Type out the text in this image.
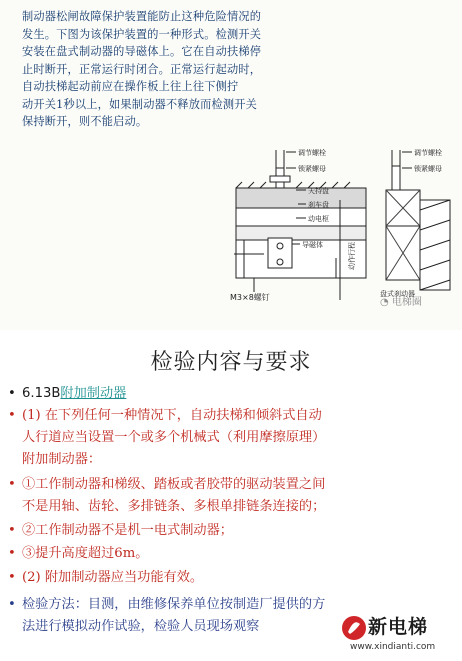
制动器松闸故障保护装置能防止这种危险情况的

发生。下图为该保护装置的一种形式。检测开关

安装在盘式制动器的导磁体上。它在自动扶梯停

止时断开，正常运行时闭合。正常运行起动时，

自动扶梯起动前应在操作板上往上往下侧拧

动开关1秒以上，如果制动器不释放而检测开关

保持断开，则不能启动。

调节螺栓
锁紧螺母
天持盘
刹车盘
动电枢
导磁体
M3×8螺钉
调节螺栓
锁紧螺母
动作行程
盘式刹动器
◔ 电梯圈
检验内容与要求
• 6.13B附加制动器
• (1) 在下列任何一种情况下，自动扶梯和倾斜式自动
人行道应当设置一个或多个机械式（利用摩擦原理）
附加制动器：
• ①工作制动器和梯级、踏板或者胶带的驱动装置之间
不是用轴、齿轮、多排链条、多根单排链条连接的；
• ②工作制动器不是机一电式制动器；
• ③提升高度超过6m。
• (2) 附加制动器应当功能有效。
• 检验方法：目测，由维修保养单位按制造厂提供的方
法进行模拟动作试验，检验人员现场观察	新电梯
www.xindianti.com
